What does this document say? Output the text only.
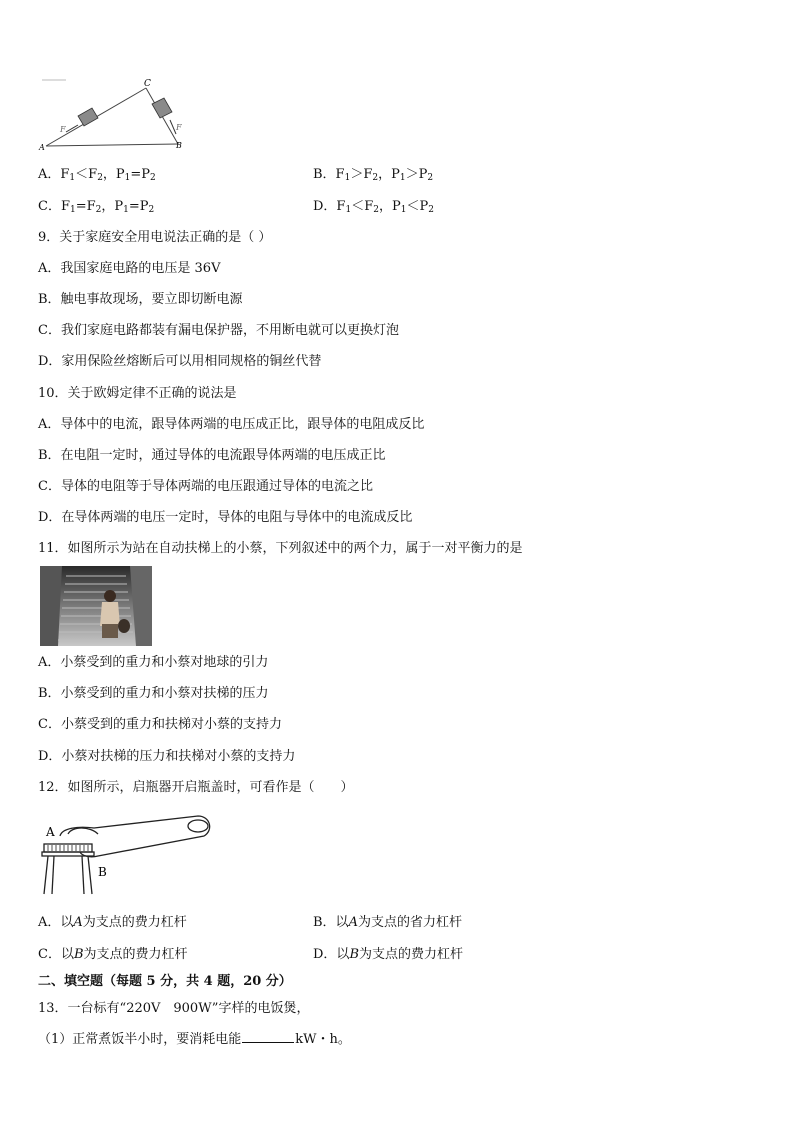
C
A	B
F	F
A．$F_1<F_2$，$P_1=P_2$	B．$F_1>F_2$，$P_1>P_2$
C．$F_1=F_2$，$P_1=P_2$	D．$F_1<F_2$，$P_1<P_2$
9．关于家庭安全用电说法正确的是（ ）
A．我国家庭电路的电压是 36V
B．触电事故现场，要立即切断电源
C．我们家庭电路都装有漏电保护器，不用断电就可以更换灯泡
D．家用保险丝熔断后可以用相同规格的铜丝代替
10．关于欧姆定律不正确的说法是
A．导体中的电流，跟导体两端的电压成正比，跟导体的电阻成反比
B．在电阻一定时，通过导体的电流跟导体两端的电压成正比
C．导体的电阻等于导体两端的电压跟通过导体的电流之比
D．在导体两端的电压一定时，导体的电阻与导体中的电流成反比
11．如图所示为站在自动扶梯上的小蔡，下列叙述中的两个力，属于一对平衡力的是
A．小蔡受到的重力和小蔡对地球的引力
B．小蔡受到的重力和小蔡对扶梯的压力
C．小蔡受到的重力和扶梯对小蔡的支持力
D．小蔡对扶梯的压力和扶梯对小蔡的支持力
12．如图所示，启瓶器开启瓶盖时，可看作是（　　）
A
B
A．以A为支点的费力杠杆	B．以A为支点的省力杠杆
C．以B为支点的费力杠杆	D．以B为支点的费力杠杆
二、填空题（每题 5 分，共 4 题，20 分）
13．一台标有“220V　900W”字样的电饭煲，
（1）正常煮饭半小时，要消耗电能	kW・h。
